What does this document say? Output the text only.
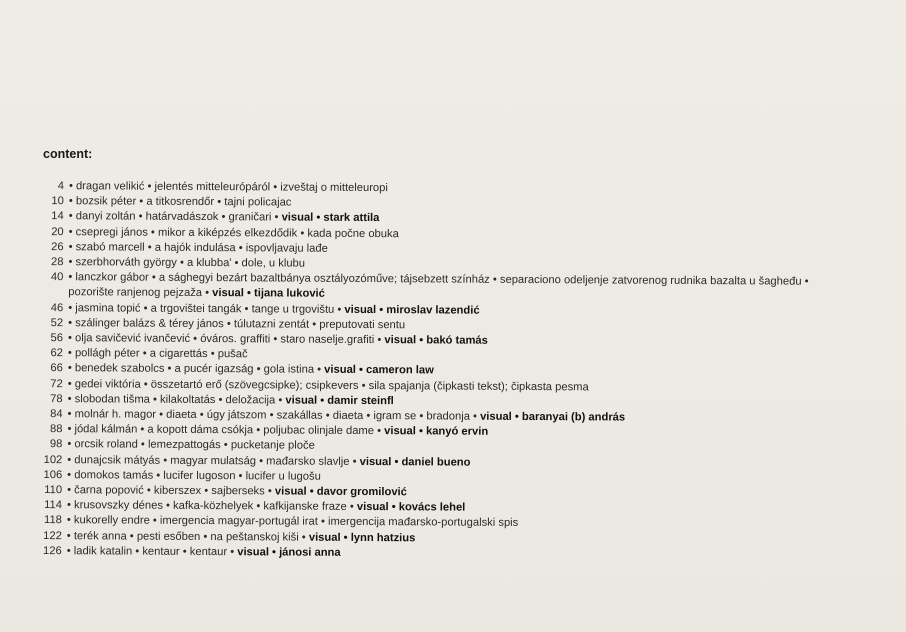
content:
4 • dragan velikić • jelentés mitteleurópáról • izveštaj o mitteleuropi
10 • bozsik péter • a titkosrendőr • tajni policajac
14 • danyi zoltán • határvadászok • graničari • visual • stark attila
20 • csepregi jános • mikor a kiképzés elkezdődik • kada počne obuka
26 • szabó marcell • a hajók indulása • ispovljavaju lađe
28 • szerbhorváth györgy • a klubba' • dole, u klubu
40 • lanczkor gábor • a sághegyi bezárt bazaltbánya osztályozóműve; tájsebzett színház • separaciono odeljenje zatvorenog rudnika bazalta u šagheđu • pozorište ranjenog pejzaža • visual • tijana luković
46 • jasmina topić • a trgovištei tangák • tange u trgovištu • visual • miroslav lazendić
52 • szálinger balázs & térey jános • túlutazni zentát • preputovati sentu
56 • olja savičević ivančević • óváros. graffiti • staro naselje.grafiti • visual • bakó tamás
62 • pollágh péter • a cigarettás • pušač
66 • benedek szabolcs • a pucér igazság • gola istina • visual • cameron law
72 • gedei viktória • összetartó erő (szövegcsipke); csipkevers • sila spajanja (čipkasti tekst); čipkasta pesma
78 • slobodan tišma • kilakoltatás • deložacija • visual • damir steinfl
84 • molnár h. magor • diaeta • úgy játszom • szakállas • diaeta • igram se • bradonja • visual • baranyai (b) andrás
88 • jódal kálmán • a kopott dáma csókja • poljubac olinjale dame • visual • kanyó ervin
98 • orcsik roland • lemezpattogás • pucketanje ploče
102 • dunajcsik mátyás • magyar mulatság • mađarsko slavlje • visual • daniel bueno
106 • domokos tamás • lucifer lugoson • lucifer u lugošu
110 • čarna popović • kiberszex • sajberseks • visual • davor gromilović
114 • krusovszky dénes • kafka-közhelyek • kafkijanske fraze • visual • kovács lehel
118 • kukorelly endre • imergencia magyar-portugál irat • imergencija mađarsko-portugalski spis
122 • terék anna • pesti esőben • na peštanskoj kiši • visual • lynn hatzius
126 • ladik katalin • kentaur • kentaur • visual • jánosi anna
